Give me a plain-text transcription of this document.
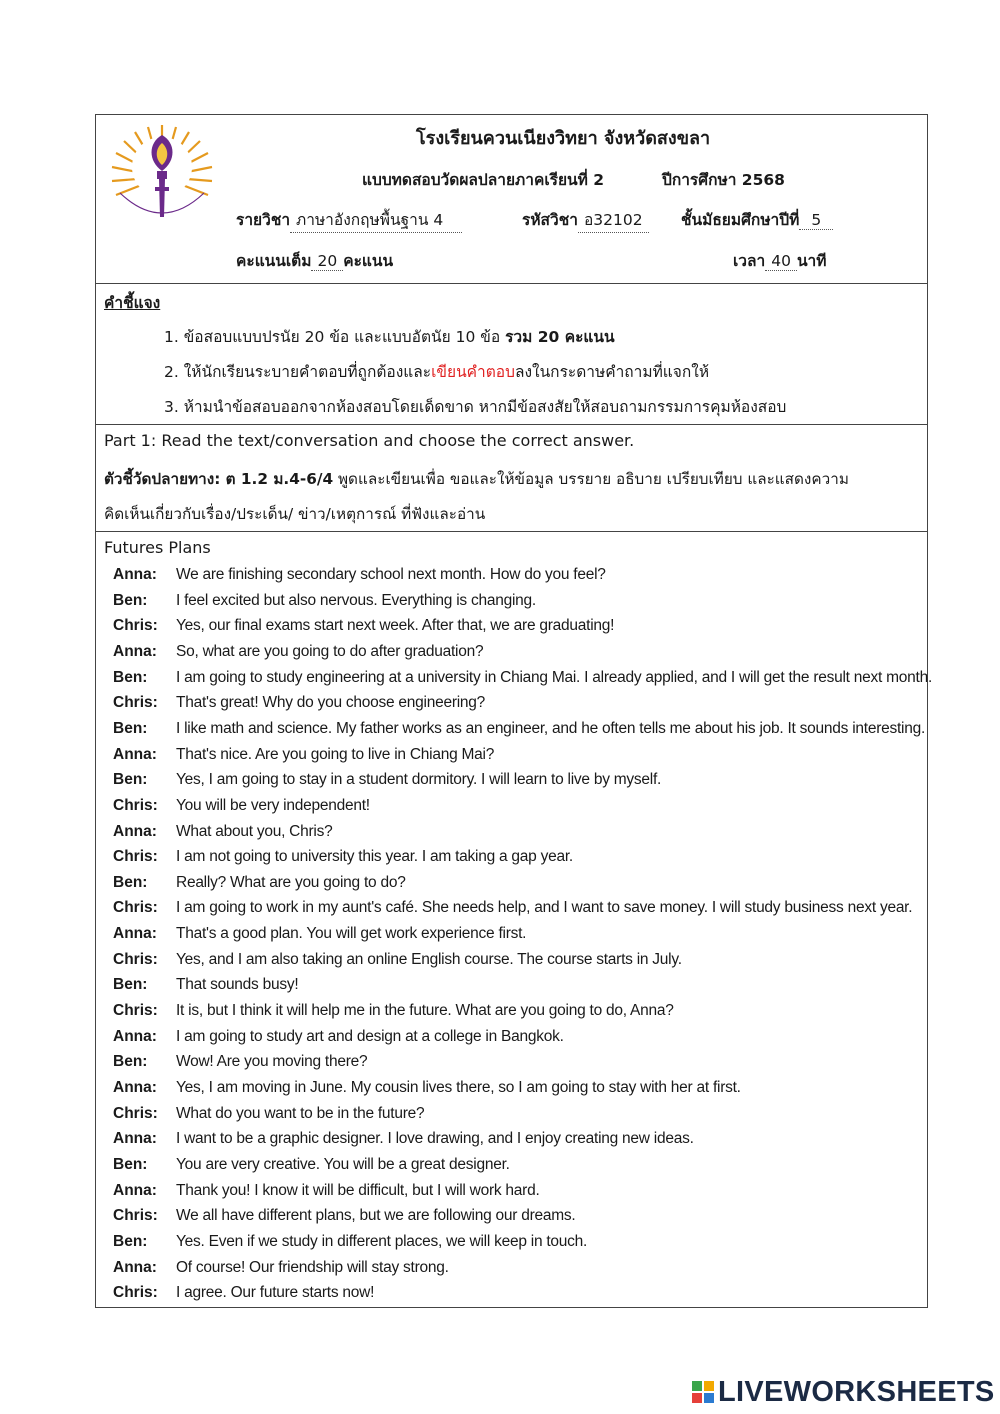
โรงเรียนควนเนียงวิทยา จังหวัดสงขลา
แบบทดสอบวัดผลปลายภาคเรียนที่ 2	ปีการศึกษา 2568
รายวิชา ภาษาอังกฤษพื้นฐาน 4	รหัสวิชา อ32102	ชั้นมัธยมศึกษาปีที่ 5
คะแนนเต็ม 20 คะแนน	เวลา 40 นาที
คำชี้แจง
1. ข้อสอบแบบปรนัย 20 ข้อ และแบบอัตนัย 10 ข้อ รวม 20 คะแนน
2. ให้นักเรียนระบายคำตอบที่ถูกต้องและเขียนคำตอบลงในกระดาษคำถามที่แจกให้
3. ห้ามนำข้อสอบออกจากห้องสอบโดยเด็ดขาด หากมีข้อสงสัยให้สอบถามกรรมการคุมห้องสอบ
Part 1: Read the text/conversation and choose the correct answer.
ตัวชี้วัดปลายทาง: ต 1.2 ม.4-6/4 พูดและเขียนเพื่อ ขอและให้ข้อมูล บรรยาย อธิบาย เปรียบเทียบ และแสดงความ
คิดเห็นเกี่ยวกับเรื่อง/ประเด็น/ ข่าว/เหตุการณ์ ที่ฟังและอ่าน
Futures Plans
Anna: We are finishing secondary school next month. How do you feel?
Ben: I feel excited but also nervous. Everything is changing.
Chris: Yes, our final exams start next week. After that, we are graduating!
Anna: So, what are you going to do after graduation?
Ben: I am going to study engineering at a university in Chiang Mai. I already applied, and I will get the result next month.
Chris: That's great! Why do you choose engineering?
Ben: I like math and science. My father works as an engineer, and he often tells me about his job. It sounds interesting.
Anna: That's nice. Are you going to live in Chiang Mai?
Ben: Yes, I am going to stay in a student dormitory. I will learn to live by myself.
Chris: You will be very independent!
Anna: What about you, Chris?
Chris: I am not going to university this year. I am taking a gap year.
Ben: Really? What are you going to do?
Chris: I am going to work in my aunt's café. She needs help, and I want to save money. I will study business next year.
Anna: That's a good plan. You will get work experience first.
Chris: Yes, and I am also taking an online English course. The course starts in July.
Ben: That sounds busy!
Chris: It is, but I think it will help me in the future. What are you going to do, Anna?
Anna: I am going to study art and design at a college in Bangkok.
Ben: Wow! Are you moving there?
Anna: Yes, I am moving in June. My cousin lives there, so I am going to stay with her at first.
Chris: What do you want to be in the future?
Anna: I want to be a graphic designer. I love drawing, and I enjoy creating new ideas.
Ben: You are very creative. You will be a great designer.
Anna: Thank you! I know it will be difficult, but I will work hard.
Chris: We all have different plans, but we are following our dreams.
Ben: Yes. Even if we study in different places, we will keep in touch.
Anna: Of course! Our friendship will stay strong.
Chris: I agree. Our future starts now!
LIVEWORKSHEETS
